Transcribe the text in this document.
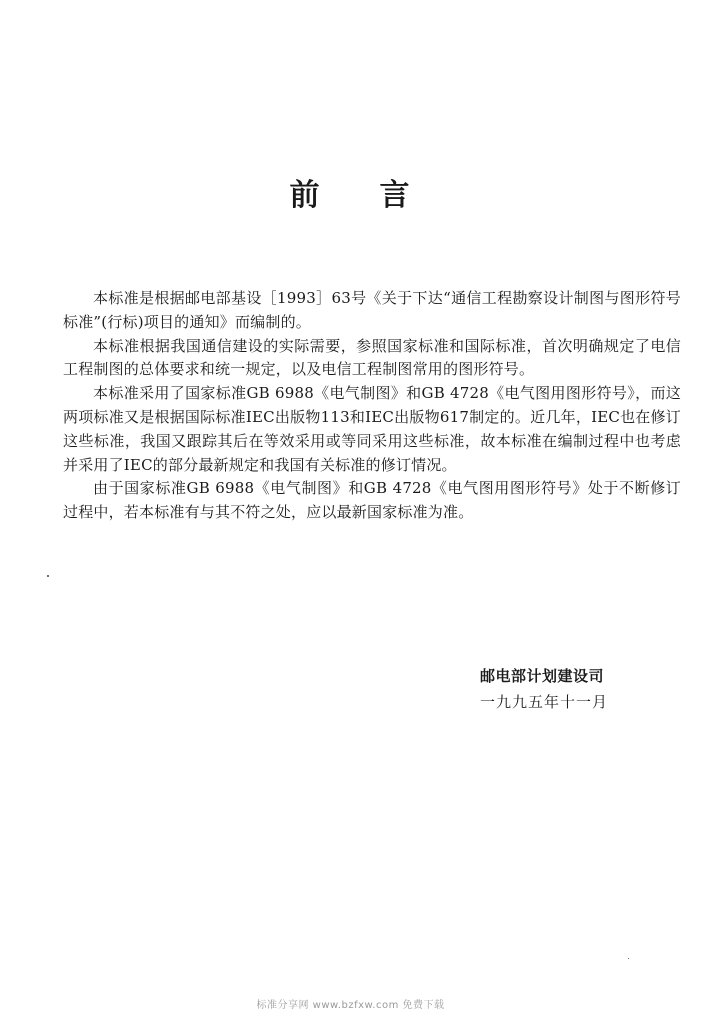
前 言

本标准是根据邮电部基设［1993］63号《关于下达“通信工程勘察设计制图与图形符号标准”(行标)项目的通知》而编制的。

本标准根据我国通信建设的实际需要，参照国家标准和国际标准，首次明确规定了电信工程制图的总体要求和统一规定，以及电信工程制图常用的图形符号。

本标准采用了国家标准GB 6988《电气制图》和GB 4728《电气图用图形符号》，而这两项标准又是根据国际标准IEC出版物113和IEC出版物617制定的。近几年，IEC也在修订这些标准，我国又跟踪其后在等效采用或等同采用这些标准，故本标准在编制过程中也考虑并采用了IEC的部分最新规定和我国有关标准的修订情况。

由于国家标准GB 6988《电气制图》和GB 4728《电气图用图形符号》处于不断修订过程中，若本标准有与其不符之处，应以最新国家标准为准。

邮电部计划建设司
一九九五年十一月
标准分享网 www.bzfxw.com 免费下载
